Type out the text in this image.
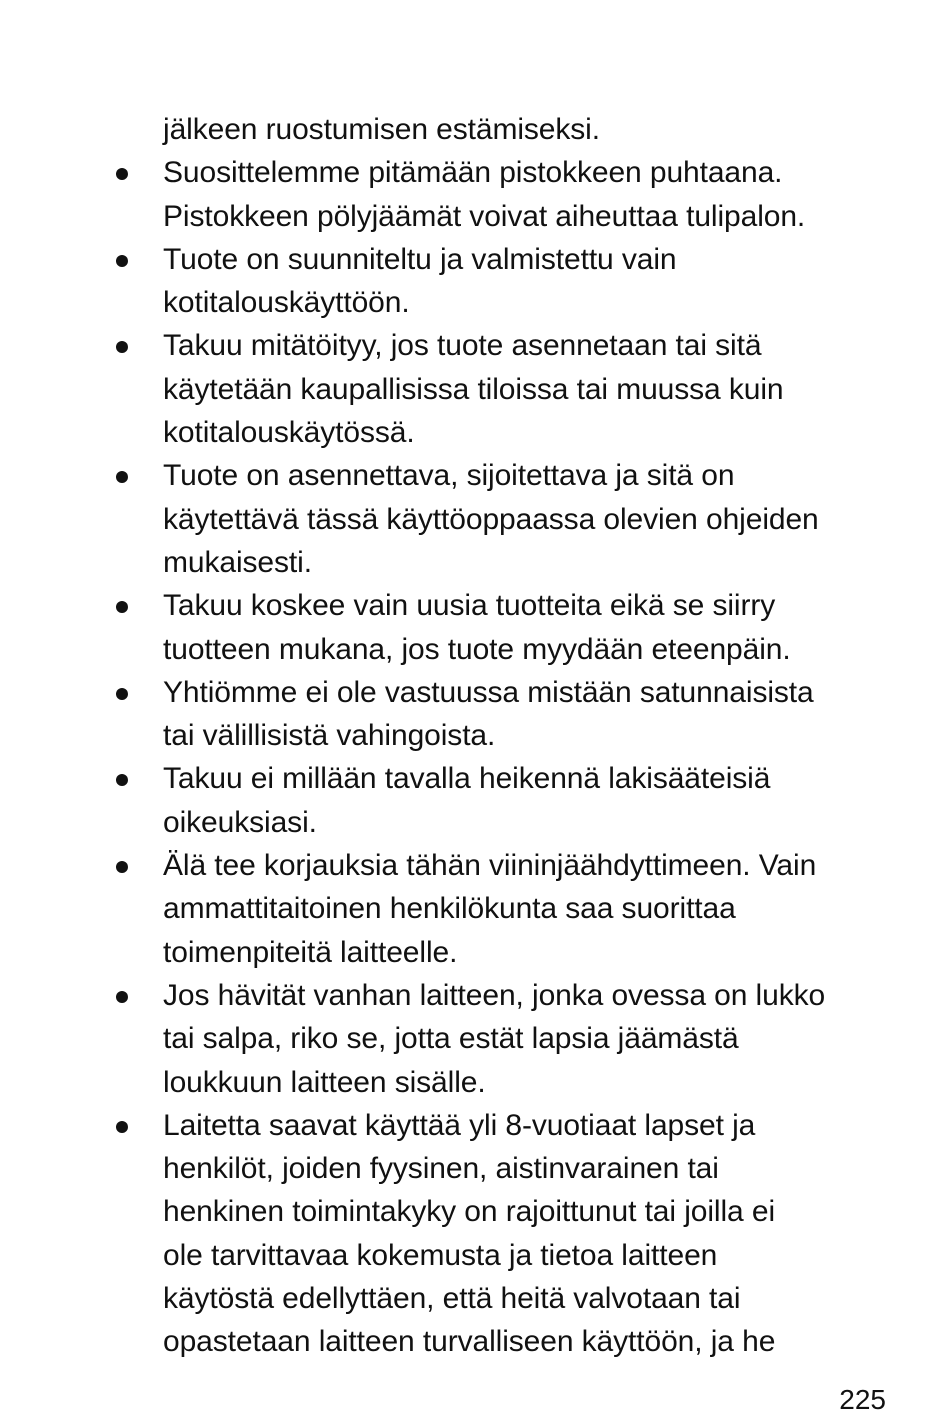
jälkeen ruostumisen estämiseksi.
Suosittelemme pitämään pistokkeen puhtaana.
Pistokkeen pölyjäämät voivat aiheuttaa tulipalon.
Tuote on suunniteltu ja valmistettu vain
kotitalouskäyttöön.
Takuu mitätöityy, jos tuote asennetaan tai sitä
käytetään kaupallisissa tiloissa tai muussa kuin
kotitalouskäytössä.
Tuote on asennettava, sijoitettava ja sitä on
käytettävä tässä käyttöoppaassa olevien ohjeiden
mukaisesti.
Takuu koskee vain uusia tuotteita eikä se siirry
tuotteen mukana, jos tuote myydään eteenpäin.
Yhtiömme ei ole vastuussa mistään satunnaisista
tai välillisistä vahingoista.
Takuu ei millään tavalla heikennä lakisääteisiä
oikeuksiasi.
Älä tee korjauksia tähän viininjäähdyttimeen. Vain
ammattitaitoinen henkilökunta saa suorittaa
toimenpiteitä laitteelle.
Jos hävität vanhan laitteen, jonka ovessa on lukko
tai salpa, riko se, jotta estät lapsia jäämästä
loukkuun laitteen sisälle.
Laitetta saavat käyttää yli 8-vuotiaat lapset ja
henkilöt, joiden fyysinen, aistinvarainen tai
henkinen toimintakyky on rajoittunut tai joilla ei
ole tarvittavaa kokemusta ja tietoa laitteen
käytöstä edellyttäen, että heitä valvotaan tai
opastetaan laitteen turvalliseen käyttöön, ja he
225
